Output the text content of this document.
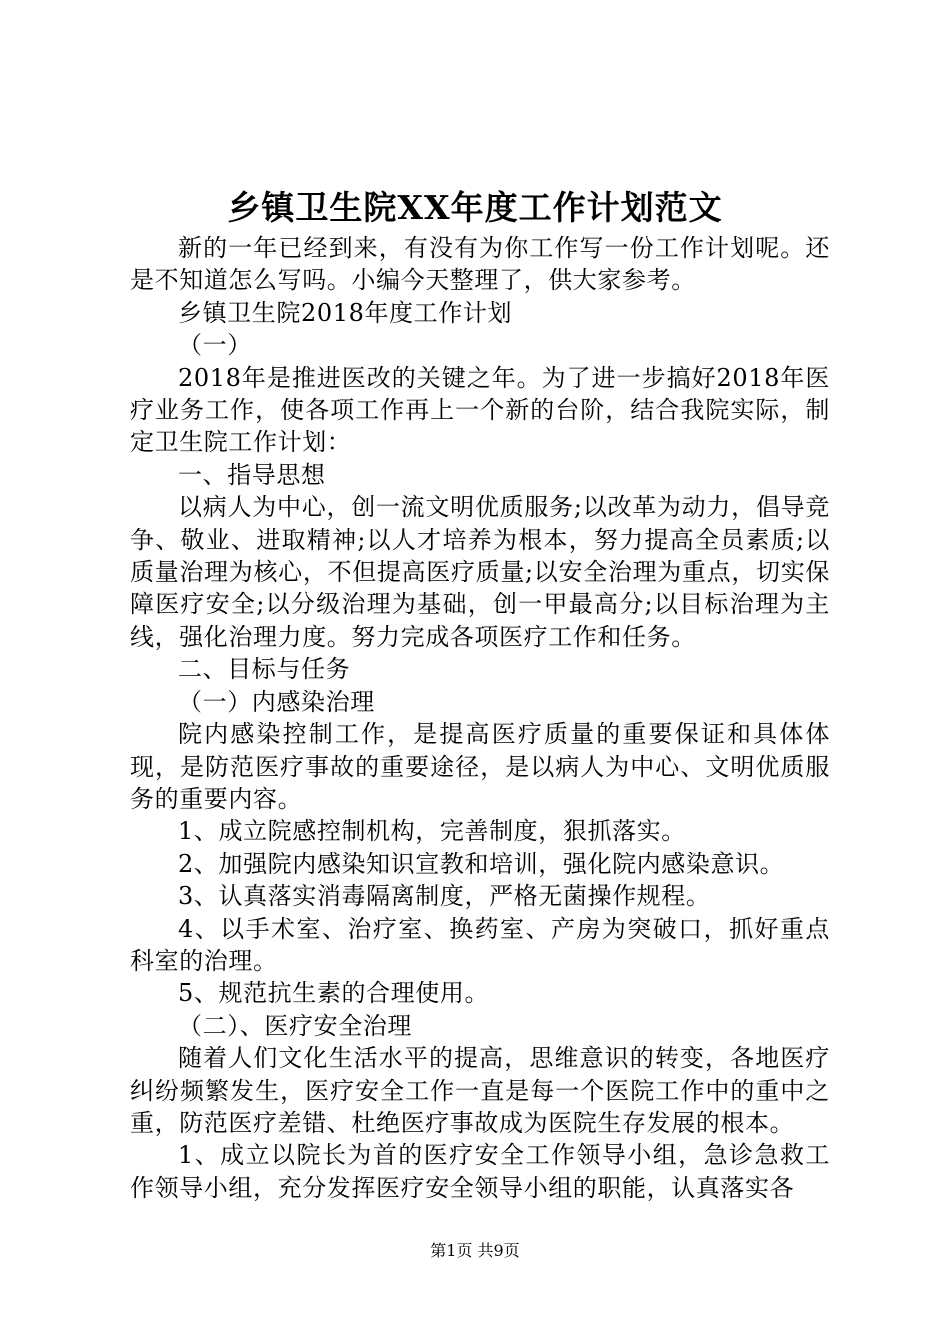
乡镇卫生院XX年度工作计划范文

新的一年已经到来，有没有为你工作写一份工作计划呢。还是不知道怎么写吗。小编今天整理了，供大家参考。

乡镇卫生院2018年度工作计划

（一）

2018年是推进医改的关键之年。为了进一步搞好2018年医疗业务工作，使各项工作再上一个新的台阶，结合我院实际，制定卫生院工作计划：

一、指导思想

以病人为中心，创一流文明优质服务;以改革为动力，倡导竞争、敬业、进取精神;以人才培养为根本，努力提高全员素质;以质量治理为核心，不但提高医疗质量;以安全治理为重点，切实保障医疗安全;以分级治理为基础，创一甲最高分;以目标治理为主线，强化治理力度。努力完成各项医疗工作和任务。

二、目标与任务

（一）内感染治理

院内感染控制工作，是提高医疗质量的重要保证和具体体现，是防范医疗事故的重要途径，是以病人为中心、文明优质服务的重要内容。

1、成立院感控制机构，完善制度，狠抓落实。

2、加强院内感染知识宣教和培训，强化院内感染意识。

3、认真落实消毒隔离制度，严格无菌操作规程。

4、以手术室、治疗室、换药室、产房为突破口，抓好重点科室的治理。

5、规范抗生素的合理使用。

（二）、医疗安全治理

随着人们文化生活水平的提高，思维意识的转变，各地医疗纠纷频繁发生，医疗安全工作一直是每一个医院工作中的重中之重，防范医疗差错、杜绝医疗事故成为医院生存发展的根本。

1、成立以院长为首的医疗安全工作领导小组，急诊急救工作领导小组，充分发挥医疗安全领导小组的职能，认真落实各

第1页 共9页
